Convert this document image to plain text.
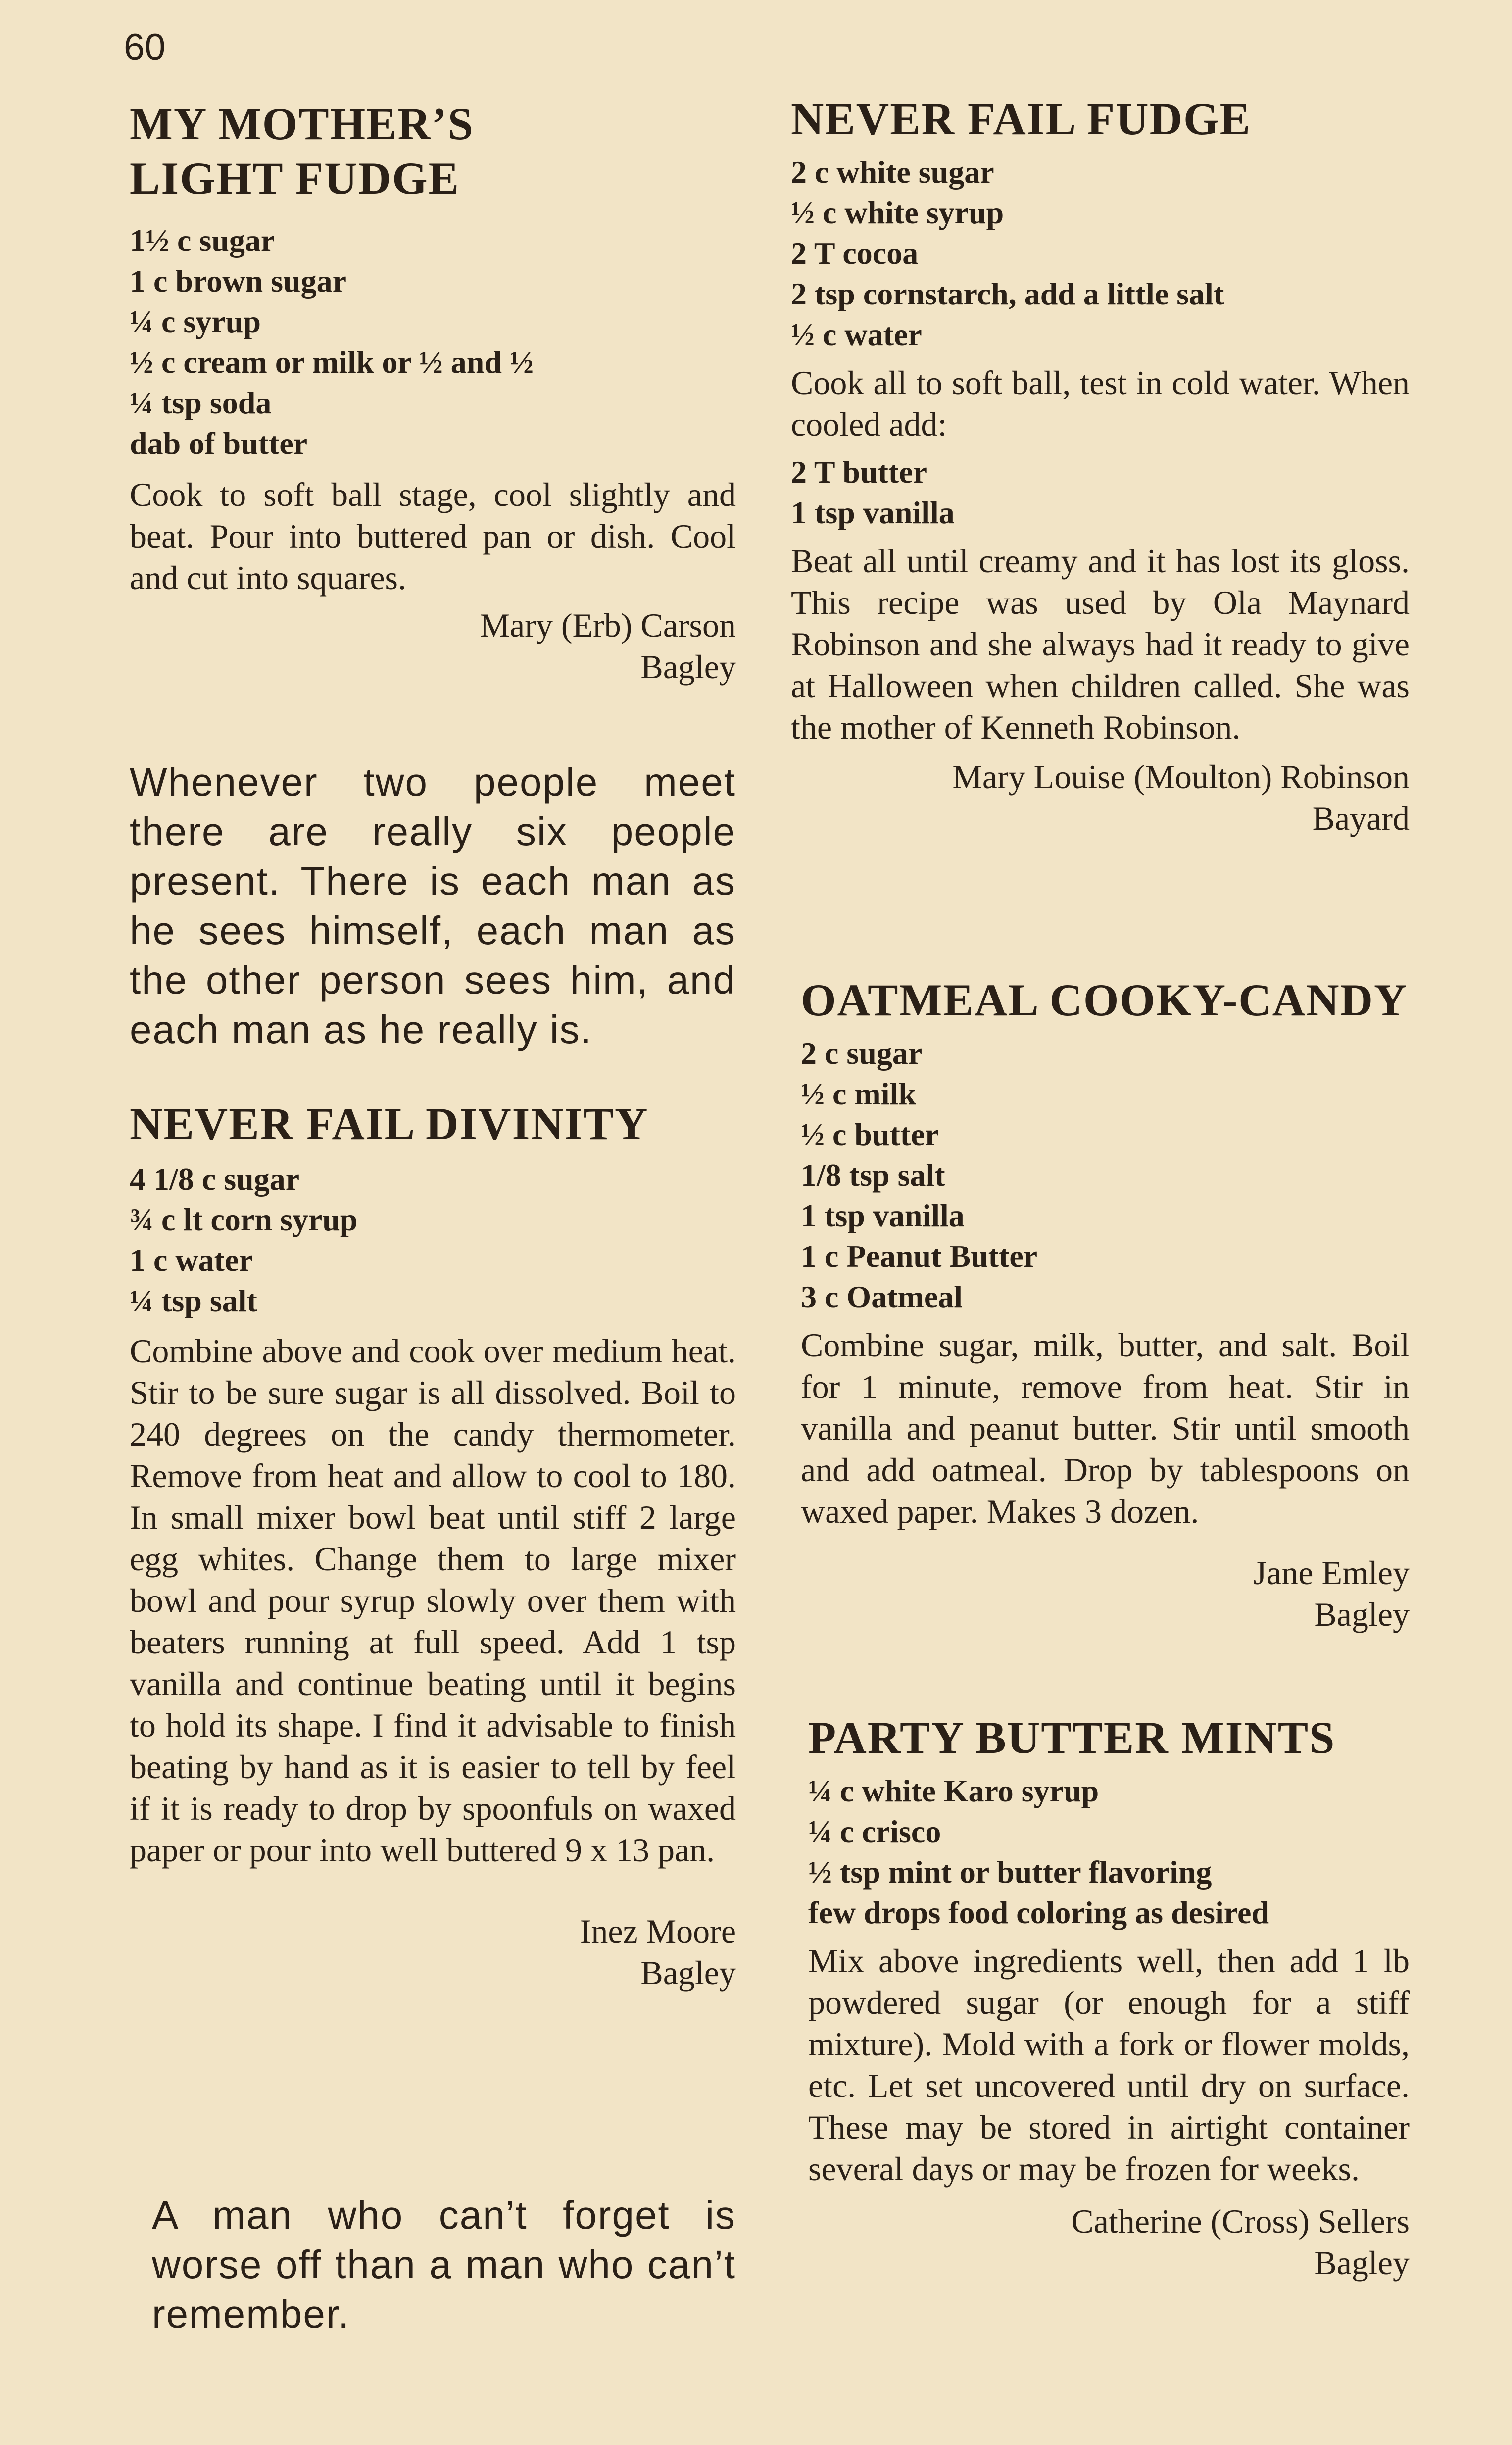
60
MY MOTHER’S
LIGHT FUDGE
1½ c sugar
1 c brown sugar
¼ c syrup
½ c cream or milk or ½ and ½
¼ tsp soda
dab of butter

Cook to soft ball stage, cool slightly and beat. Pour into buttered pan or dish. Cool and cut into squares.

Mary (Erb) Carson
Bagley

Whenever two people meet there are really six people present. There is each man as he sees himself, each man as the other person sees him, and each man as he really is.

NEVER FAIL DIVINITY
4 1/8 c sugar
¾ c lt corn syrup
1 c water
¼ tsp salt

Combine above and cook over medium heat. Stir to be sure sugar is all dissolved. Boil to 240 degrees on the candy thermometer. Remove from heat and allow to cool to 180. In small mixer bowl beat until stiff 2 large egg whites. Change them to large mixer bowl and pour syrup slowly over them with beaters running at full speed. Add 1 tsp vanilla and continue beating until it begins to hold its shape. I find it advisable to finish beating by hand as it is easier to tell by feel if it is ready to drop by spoonfuls on waxed paper or pour into well buttered 9 x 13 pan.

Inez Moore
Bagley

A man who can’t forget is worse off than a man who can’t remember.

NEVER FAIL FUDGE
2 c white sugar
½ c white syrup
2 T cocoa
2 tsp cornstarch, add a little salt
½ c water

Cook all to soft ball, test in cold water. When cooled add:

2 T butter
1 tsp vanilla

Beat all until creamy and it has lost its gloss. This recipe was used by Ola Maynard Robinson and she always had it ready to give at Halloween when children called. She was the mother of Kenneth Robinson.

Mary Louise (Moulton) Robinson
Bayard

OATMEAL COOKY-CANDY
2 c sugar
½ c milk
½ c butter
1/8 tsp salt
1 tsp vanilla
1 c Peanut Butter
3 c Oatmeal

Combine sugar, milk, butter, and salt. Boil for 1 minute, remove from heat. Stir in vanilla and peanut butter. Stir until smooth and add oatmeal. Drop by tablespoons on waxed paper. Makes 3 dozen.

Jane Emley
Bagley

PARTY BUTTER MINTS
¼ c white Karo syrup
¼ c crisco
½ tsp mint or butter flavoring
few drops food coloring as desired

Mix above ingredients well, then add 1 lb powdered sugar (or enough for a stiff mixture). Mold with a fork or flower molds, etc. Let set uncovered until dry on surface. These may be stored in airtight container several days or may be frozen for weeks.

Catherine (Cross) Sellers
Bagley
